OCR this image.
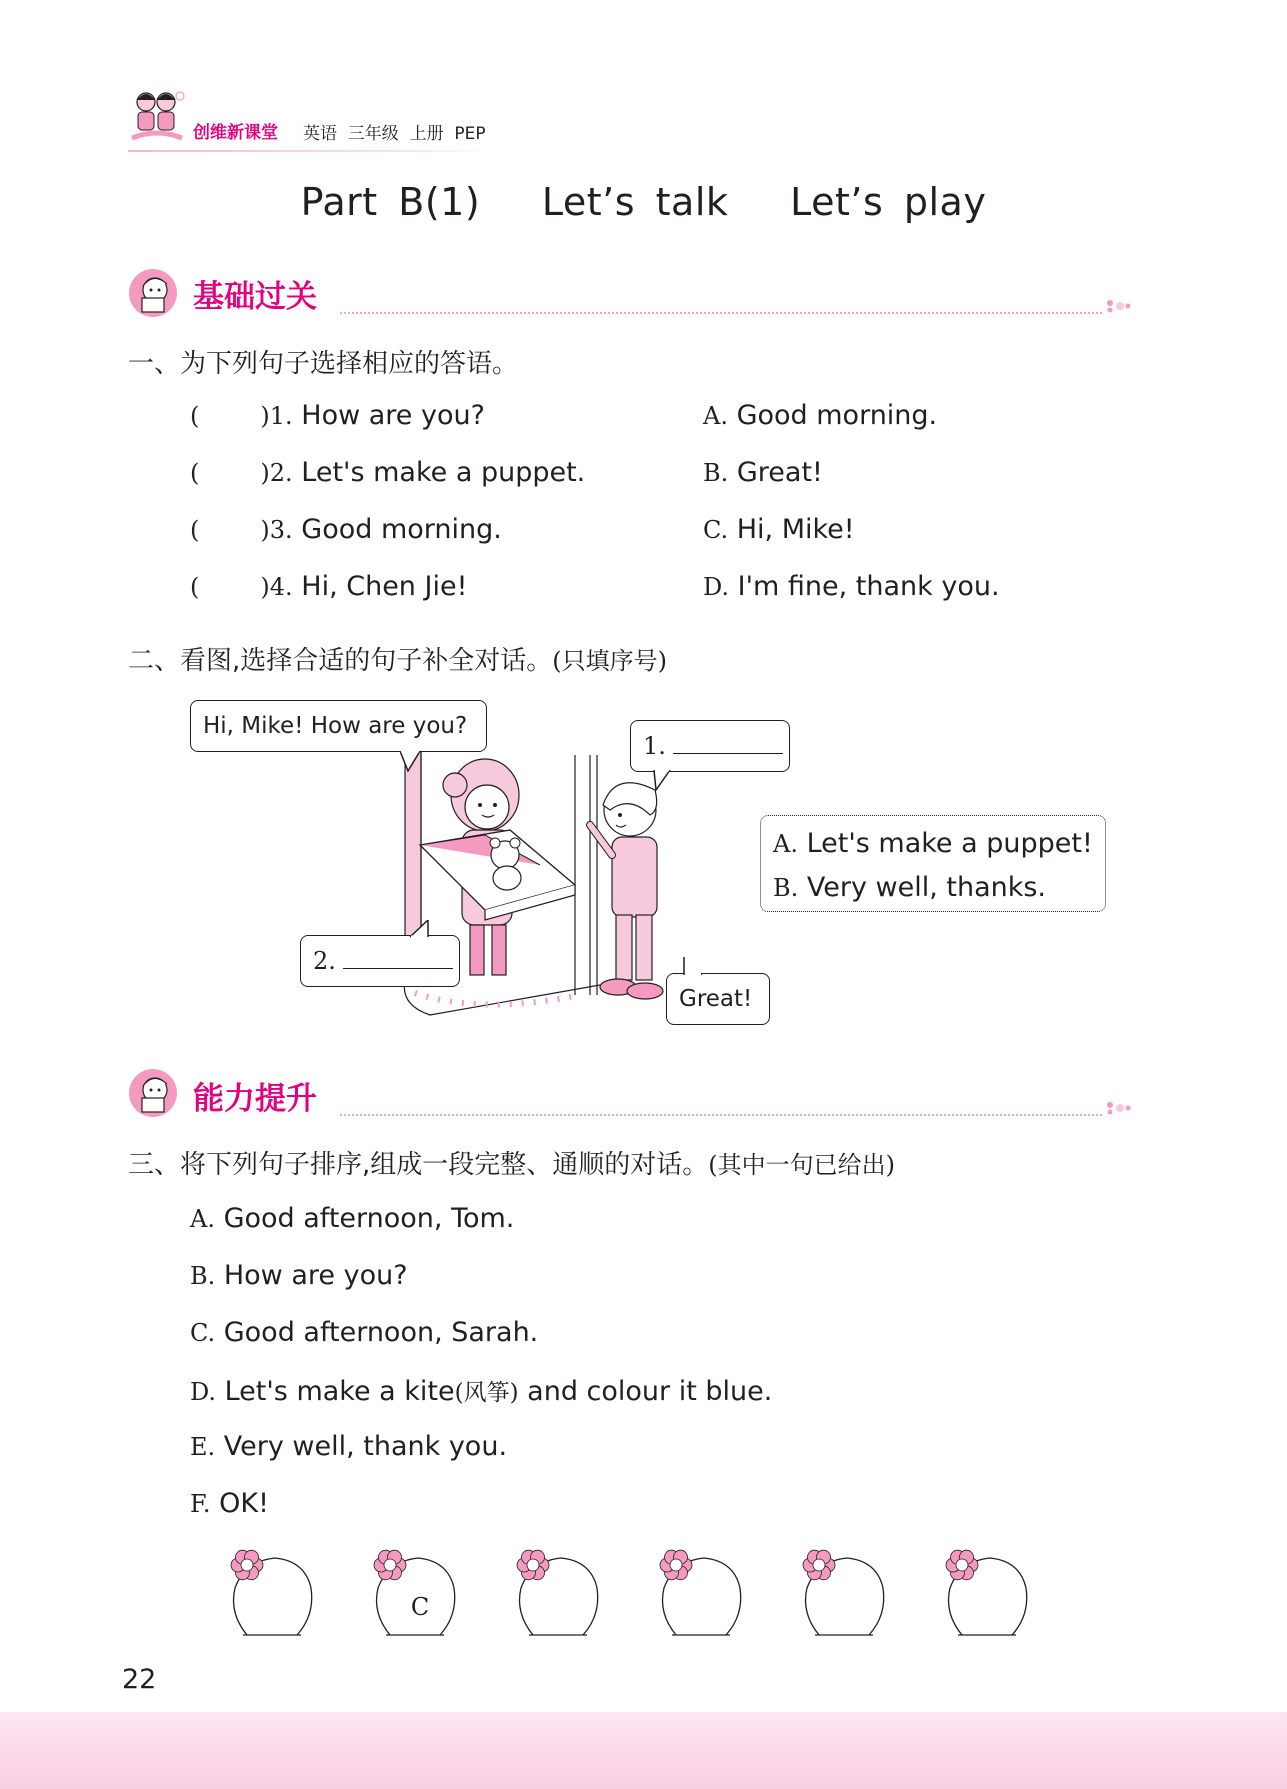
创维新课堂 英语  三年级  上册  PEP
Part B(1)   Let’s talk   Let’s play
基础过关
一、为下列句子选择相应的答语。
(        )1. How are you?	A. Good morning.
(        )2. Let's make a puppet.	B. Great!
(        )3. Good morning.	C. Hi, Mike!
(        )4. Hi, Chen Jie!	D. I'm fine, thank you.
二、看图,选择合适的句子补全对话。(只填序号)
Hi, Mike! How are you?
1.
2.
Great!
A. Let's make a puppet!
B. Very well, thanks.
能力提升
三、将下列句子排序,组成一段完整、通顺的对话。(其中一句已给出)
A. Good afternoon, Tom.
B. How are you?
C. Good afternoon, Sarah.
D. Let's make a kite(风筝) and colour it blue.
E. Very well, thank you.
F. OK!
C
22
